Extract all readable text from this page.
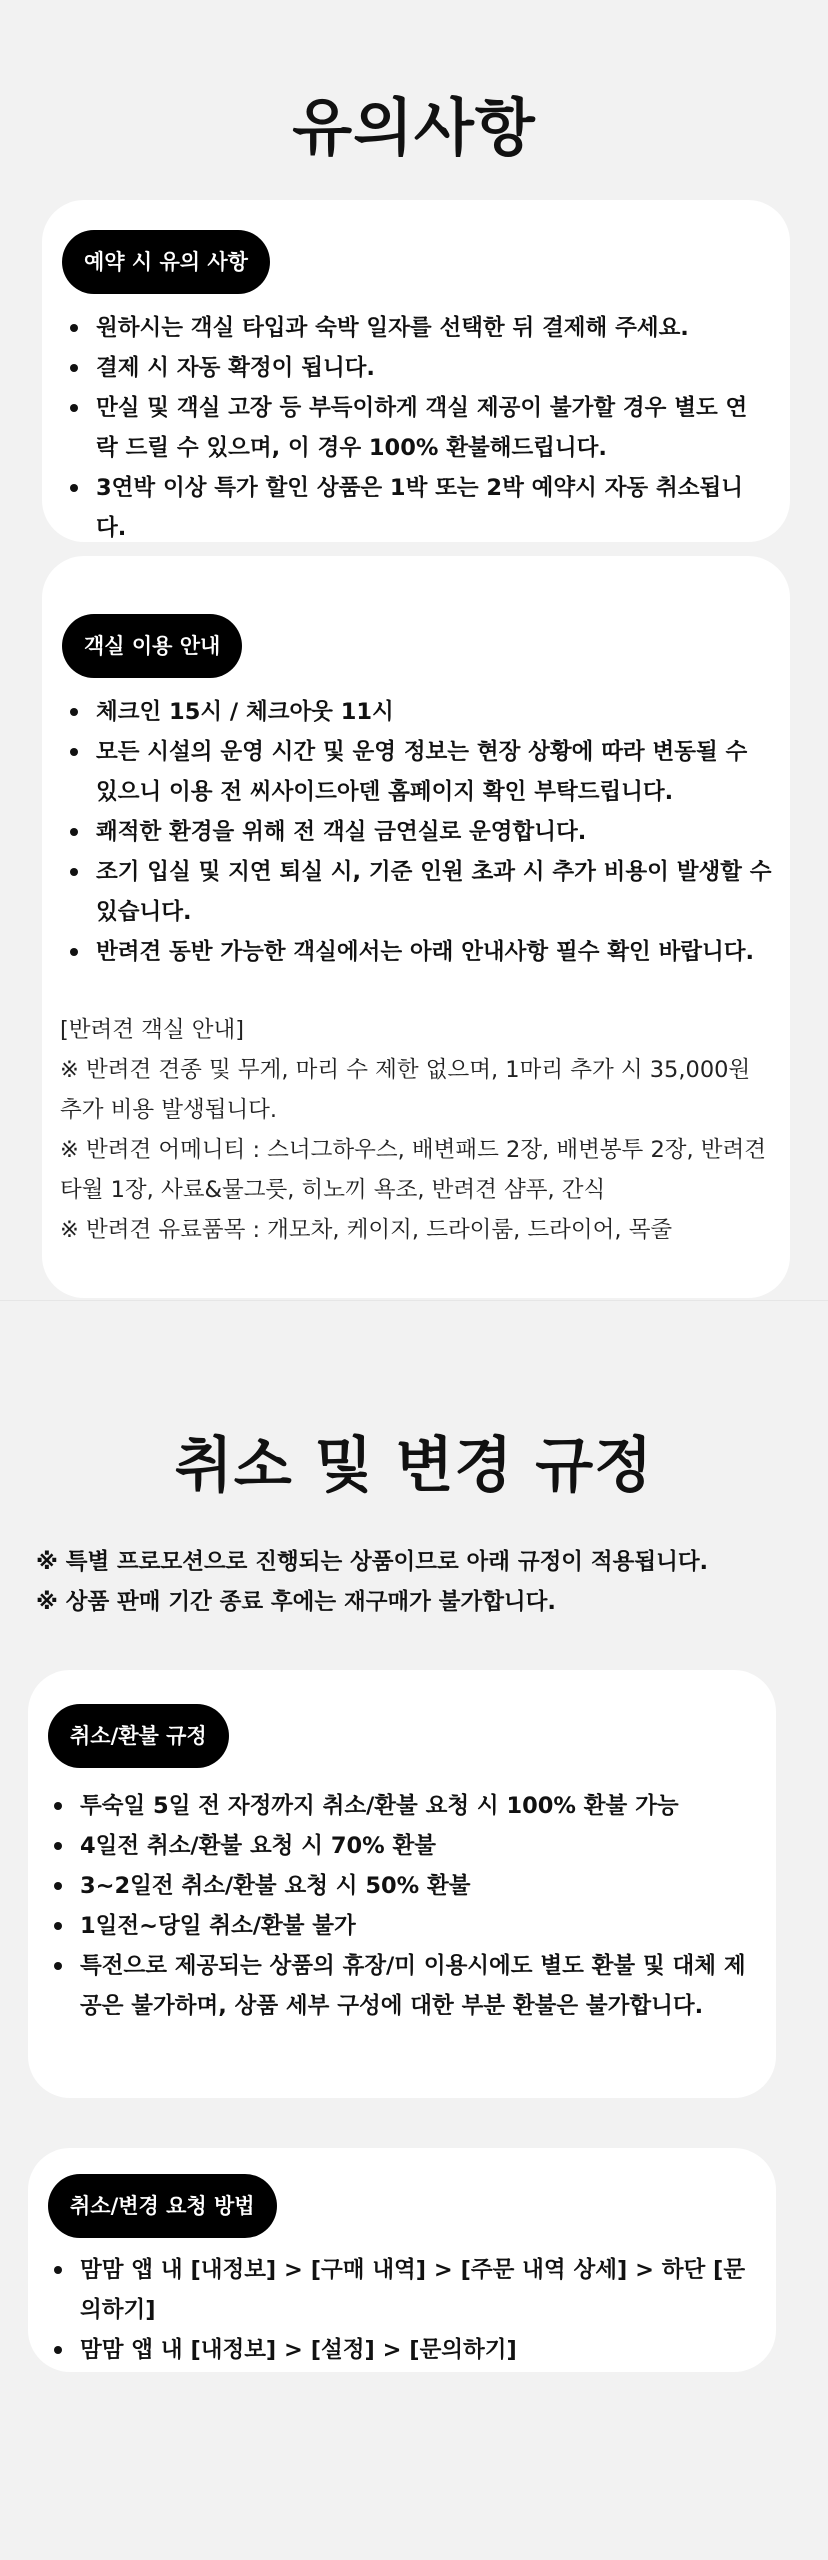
유의사항
예약 시 유의 사항
원하시는 객실 타입과 숙박 일자를 선택한 뒤 결제해 주세요.
결제 시 자동 확정이 됩니다.
만실 및 객실 고장 등 부득이하게 객실 제공이 불가할 경우 별도 연락 드릴 수 있으며, 이 경우 100% 환불해드립니다.
3연박 이상 특가 할인 상품은 1박 또는 2박 예약시 자동 취소됩니다.
객실 이용 안내
체크인 15시 / 체크아웃 11시
모든 시설의 운영 시간 및 운영 정보는 현장 상황에 따라 변동될 수 있으니 이용 전 씨사이드아덴 홈페이지 확인 부탁드립니다.
쾌적한 환경을 위해 전 객실 금연실로 운영합니다.
조기 입실 및 지연 퇴실 시, 기준 인원 초과 시 추가 비용이 발생할 수 있습니다.
반려견 동반 가능한 객실에서는 아래 안내사항 필수 확인 바랍니다.

[반려견 객실 안내]

※ 반려견 견종 및 무게, 마리 수 제한 없으며, 1마리 추가 시 35,000원 추가 비용 발생됩니다.

※ 반려견 어메니티 : 스너그하우스, 배변패드 2장, 배변봉투 2장, 반려견 타월 1장, 사료&물그릇, 히노끼 욕조, 반려견 샴푸, 간식

※ 반려견 유료품목 : 개모차, 케이지, 드라이룸, 드라이어, 목줄

취소 및 변경 규정

※ 특별 프로모션으로 진행되는 상품이므로 아래 규정이 적용됩니다.

※ 상품 판매 기간 종료 후에는 재구매가 불가합니다.

취소/환불 규정
투숙일 5일 전 자정까지 취소/환불 요청 시 100% 환불 가능
4일전 취소/환불 요청 시 70% 환불
3~2일전 취소/환불 요청 시 50% 환불
1일전~당일 취소/환불 불가
특전으로 제공되는 상품의 휴장/미 이용시에도 별도 환불 및 대체 제공은 불가하며, 상품 세부 구성에 대한 부분 환불은 불가합니다.
취소/변경 요청 방법
맘맘 앱 내 [내정보] > [구매 내역] > [주문 내역 상세] > 하단 [문의하기]
맘맘 앱 내 [내정보] > [설정] > [문의하기]
